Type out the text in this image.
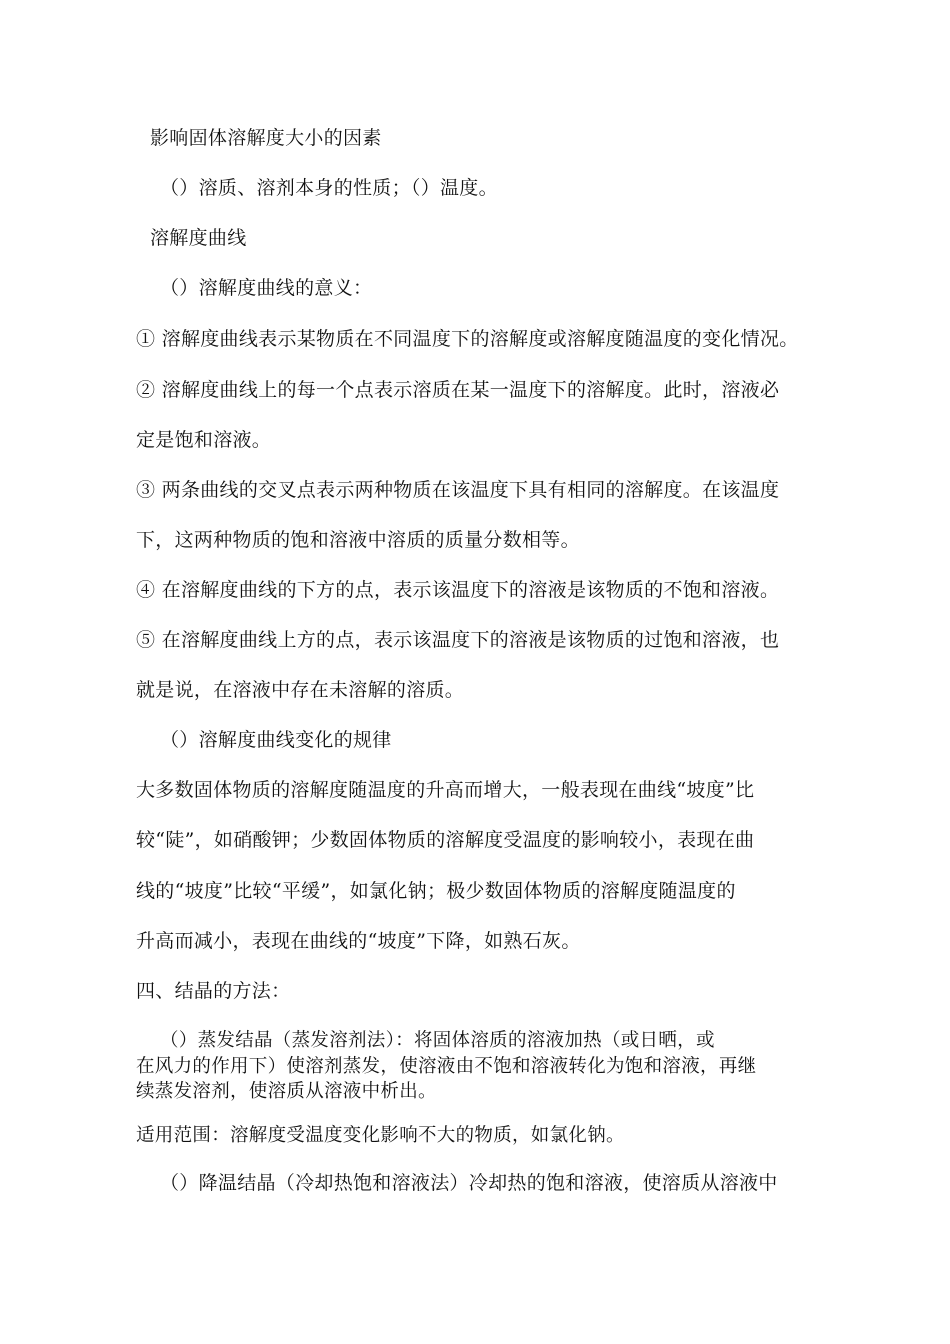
影响固体溶解度大小的因素
（）溶质、溶剂本身的性质；（）温度。
溶解度曲线
（）溶解度曲线的意义：
① 溶解度曲线表示某物质在不同温度下的溶解度或溶解度随温度的变化情况。
② 溶解度曲线上的每一个点表示溶质在某一温度下的溶解度。此时，溶液必
定是饱和溶液。
③ 两条曲线的交叉点表示两种物质在该温度下具有相同的溶解度。在该温度
下，这两种物质的饱和溶液中溶质的质量分数相等。
④ 在溶解度曲线的下方的点，表示该温度下的溶液是该物质的不饱和溶液。
⑤ 在溶解度曲线上方的点，表示该温度下的溶液是该物质的过饱和溶液，也
就是说，在溶液中存在未溶解的溶质。
（）溶解度曲线变化的规律
大多数固体物质的溶解度随温度的升高而增大，一般表现在曲线“坡度”比
较“陡”，如硝酸钾；少数固体物质的溶解度受温度的影响较小，表现在曲
线的“坡度”比较“平缓”，如氯化钠；极少数固体物质的溶解度随温度的
升高而减小，表现在曲线的“坡度”下降，如熟石灰。
四、结晶的方法：
（）蒸发结晶（蒸发溶剂法）：将固体溶质的溶液加热（或日晒，或
在风力的作用下）使溶剂蒸发，使溶液由不饱和溶液转化为饱和溶液，再继
续蒸发溶剂，使溶质从溶液中析出。
适用范围：溶解度受温度变化影响不大的物质，如氯化钠。
（）降温结晶（冷却热饱和溶液法）冷却热的饱和溶液，使溶质从溶液中
